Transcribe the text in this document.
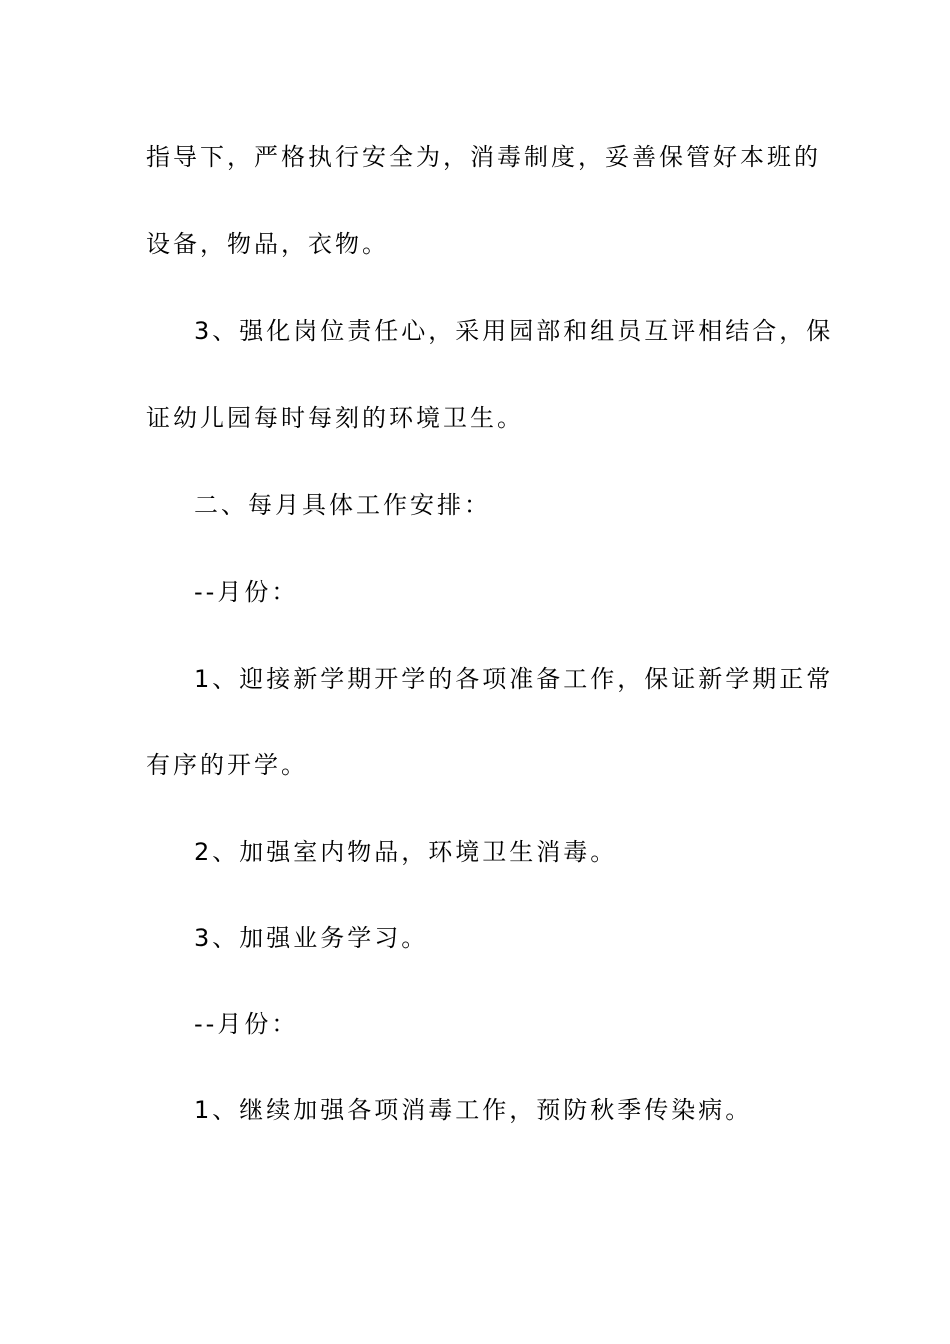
指导下，严格执行安全为，消毒制度，妥善保管好本班的
设备，物品，衣物。
3、强化岗位责任心，采用园部和组员互评相结合，保
证幼儿园每时每刻的环境卫生。
二、每月具体工作安排：
--月份：
1、迎接新学期开学的各项准备工作，保证新学期正常
有序的开学。
2、加强室内物品，环境卫生消毒。
3、加强业务学习。
--月份：
1、继续加强各项消毒工作，预防秋季传染病。
